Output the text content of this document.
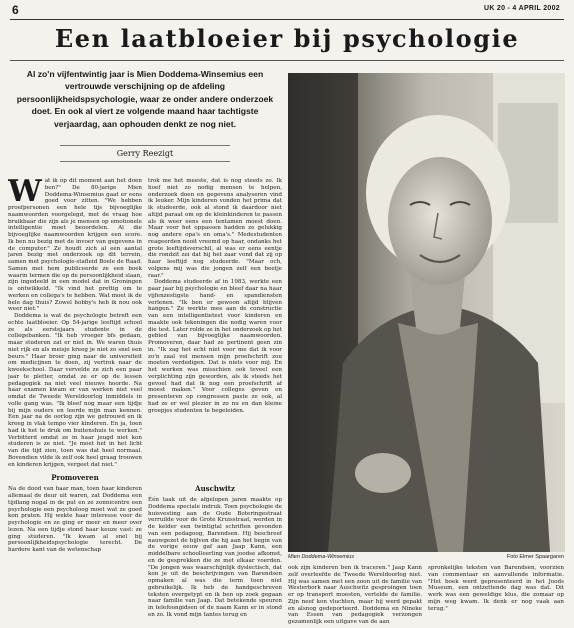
6	UK 20 - 4 APRIL 2002
Een laatbloeier bij psychologie
Al zo'n vijfentwintig jaar is Mien Doddema-Winsemius een vertrouwde verschijning op de afdeling persoonlijkheidspsychologie, waar ze onder andere onderzoek doet. En ook al viert ze volgende maand haar tachtigste verjaardag, aan ophouden denkt ze nog niet.
Gerry Reezigt
W at ik op dit moment aan het doen ben?" De 80-jarige Mien Doddema-Winsemius gaat er eens goed voor zitten. "We hebben proefpersonen een hele tijs bijvoeglijke naamwoorden voorgelegd, met de vraag hoe bruikbaar die zijn als je mensen op emotionele intelligentie moet beoordelen. Al die bijvoeglijke naamwoorden krijgen een score. Ik ben nu bezig met de invoer van gegevens in de computer." Ze houdt zich al een aantal jaren bezig met onderzoek op dit terrein, samen met psychologie-stafleid Boele de Raad. Samen met hem publiceerde ze een boek waarin termen die op de persoonlijkheid slaan, zijn ingedeeld in een model dat in Groningen is ontwikkeld. "Ik vind het prettig om te werken en collega's te hebben. Wat moet ik de hele dag thuis? Zowel hobby's heb ik nou ook weer niet."

Doddema is wat de psychologie betreft een echte laatbloeier. Op 54-jarige leeftijd school ze als eerstejaars studente in de collegebanken. "Ik heb vroeger bfs gedaan, maar studeren zat er niet in. We waren thuis niet rijk en als meisje kreeg je niet zo snel een beurs." Haar broer ging naar de universiteit om medicijnen te doen, zij vertrok naar de kweekschool. Daar vervelde ze zich een paar jaar te pletter, omdat ze er op de lessen pedagogiek na niet veel nieuws hoorde. Na haar examen kwam er van werken niet veel omdat de Tweede Wereldoorlog inmiddels in volle gang was. "Ik bleef nog maar een tijdje bij mijn ouders en leerde mijn man kennen. Een jaar na de oorlog zijn we getrouwd en ik kreeg in vlak tempo vier kinderen. En ja, toen had ik het te druk om buitenshuis te werken." Verbitterd omdat ze in haar jeugd niet kon studeren is ze niet. "Je moet het in het licht van die tijd zien, toen was dat heel normaal. Bovendien vilde ik zelf ook heel graag trouwen en kinderen krijgen, vergeet dat niet."

Promoveren

Na de dood van haar man, toen haar kinderen allemaal de deur uit waren, zat Doddema een tijdlang nogal in de put en ze zonnicentre een psychologie een psycholoog moet wat ze goed kon praten. Hij wekte haar interesse voor de psychologie en ze ging er meer en meer over lezen. Na een tijdje stond haar keuze vast: ze ging studeren. "Ik kwam al snel bij persoonlijkheidspsychologie terecht. De hardere kant van de wetenschap

trok me het meeste, dat is nog steeds zo. Ik hoef niet zo nodig mensen te helpen, onderzoek doen en gegevens analyseren vind ik leuker. Mijn kinderen vonden het prima dat ik studeerde, ook al stond ik daardoor niet altijd paraat om op de kleinkinderen te passen als ik weer eens een tentamen moest doen. Maar voor het oppassen hadden ze gelukkig nog andere opa's en oma's." Medestudenten reageerden nooit vreemd op haar, ondanks het grote leeftijdsverschil, al was er eens eentje die rondzit zei dat hij het zaar vond dat zij op haar leeftijd nog studeerde. "Maar och, volgens mij was die jongen zelf een beetje raar."

Doddema studeerde af in 1983, werkte een paar jaar bij psychologie en bleef daar na haar vijfenzestigste hand- en spandiensten verlenen. "Ik ben er gewoon altijd blijven hangen." Ze werkte mee aan de constructie van een intelligentietest voor kinderen en maakte ook tekeningen die nodig waren voor die test. Later rolde ze in het onderzoek op het gebied van bijvoeglijke naamwoorden. Promoveren, daar had ze pertinent geen zin in. "Ik zag het echt niet voor me dat ik voor zo'n zaal vol mensen mijn proefschrift zou moeten verdedigen. Dat is niets voor mij. En het werken was misschien ook teveel een verplichting zijn geworden, als ik steeds het gevoel had dat ik nog een proefschrift af moest maken." Voor colleges geven en presenteren op congressen paste ze ook, al had ze er wel plezier in zo nu en dan kleine groepjes studenten te begeleiden.

Auschwitz

Één taak uit de afgelopen jaren maakte op Doddema speciale indruk. Toen psychologie de huisvesting aan de Oude Boteringestraat verruilde voor de Grote Kruisstraat, werden in de kelder een twintigtal schriften gevonden van een pedagoog, Barendsen. Hij beschreef nauwgezet de bijlven die hij aan het begin van de vorige eeuw gaf aan Jaap Kann, een middelbare schoolleerling van joodse afkomst, en de gesprekken die ze met elkaar voerden. "De jongen was waarschijnlijk dyslectisch, dat kon je uit de beschrijvingen van Barendsen opmaken al was die term toen niet gebruikelijk. Ik heb de handgeschreven teksten overgetypt en ik ben op zoek gegaan naar familie van Jaap. Dat betekende speuren in telefoongidsen of de naam Kann er in stond en zo. Ik vond mijn tantes terug en

Mien Doddema-Winsemius	Foto Elmer Spaargaren

ook zijn kinderen ben ik traceren." Jaap Kann zelf overleefde de Tweede Wereldoorlog niet. Hij was samen met een zoon uit de familie van Westerbork naar Auschwitz gesproingen toen er op transport moesten, vertelde de familie. Zijn neef kon vluchten, maar hij werd gepakt en alsnog gedeporteerd. Doddema en Nineke van Essen van pedagogiek verzongen gezamenlijk een uitgave van de aan

spronkelijke teksten van Barendsen, voorzien van commentaar en aanvullende informatie. "Het boek werd gepresenteerd in het Joods Museum, een ontzettende dag was dat. Dit werk was een geweldige klus, die zomaar op mijn weg kwam. Ik denk er nog vaak aan terug."
